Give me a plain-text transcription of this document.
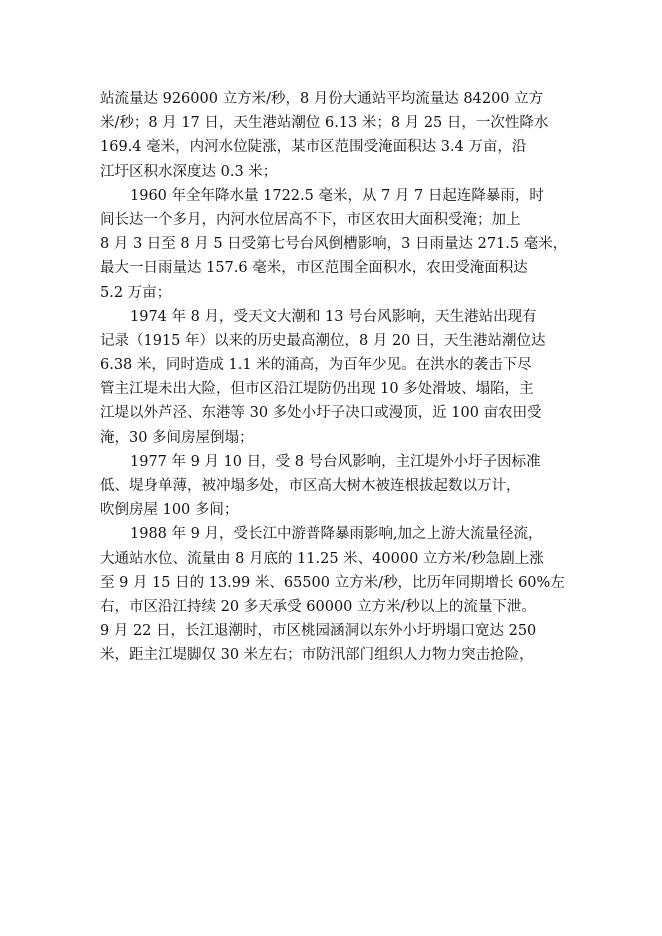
站流量达 926000 立方米/秒，8 月份大通站平均流量达 84200 立方
米/秒；8 月 17 日，天生港站潮位 6.13 米；8 月 25 日，一次性降水
169.4 毫米，内河水位陡涨，某市区范围受淹面积达 3.4 万亩，沿
江圩区积水深度达 0.3 米；
1960 年全年降水量 1722.5 毫米，从 7 月 7 日起连降暴雨，时
间长达一个多月，内河水位居高不下，市区农田大面积受淹；加上
8 月 3 日至 8 月 5 日受第七号台风倒槽影响，3 日雨量达 271.5 毫米，
最大一日雨量达 157.6 毫米，市区范围全面积水，农田受淹面积达
5.2 万亩；
1974 年 8 月，受天文大潮和 13 号台风影响，天生港站出现有
记录（1915 年）以来的历史最高潮位，8 月 20 日，天生港站潮位达
6.38 米，同时造成 1.1 米的涌高，为百年少见。在洪水的袭击下尽
管主江堤未出大险，但市区沿江堤防仍出现 10 多处滑坡、塌陷，主
江堤以外芦泾、东港等 30 多处小圩子决口或漫顶，近 100 亩农田受
淹，30 多间房屋倒塌；
1977 年 9 月 10 日，受 8 号台风影响，主江堤外小圩子因标准
低、堤身单薄，被冲塌多处，市区高大树木被连根拔起数以万计，
吹倒房屋 100 多间；
1988 年 9 月，受长江中游普降暴雨影响,加之上游大流量径流，
大通站水位、流量由 8 月底的 11.25 米、40000 立方米/秒急剧上涨
至 9 月 15 日的 13.99 米、65500 立方米/秒，比历年同期增长 60%左
右，市区沿江持续 20 多天承受 60000 立方米/秒以上的流量下泄。
9 月 22 日，长江退潮时，市区桃园涵洞以东外小圩坍塌口宽达 250
米，距主江堤脚仅 30 米左右；市防汛部门组织人力物力突击抢险，
